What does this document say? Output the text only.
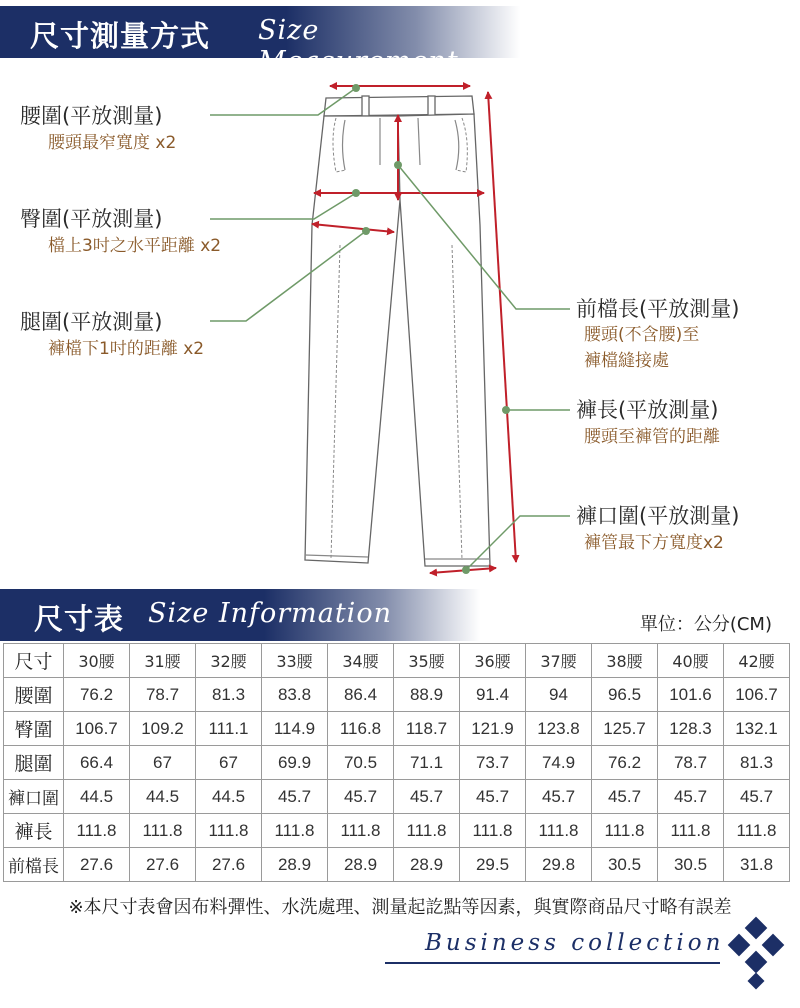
尺寸測量方式 Size Measurement
腰圍(平放測量)
腰頭最窄寬度 x2
臀圍(平放測量)
檔上3吋之水平距離 x2
腿圍(平放測量)
褲檔下1吋的距離 x2
前檔長(平放測量)
腰頭(不含腰)至
褲檔縫接處
褲長(平放測量)
腰頭至褲管的距離
褲口圍(平放測量)
褲管最下方寬度x2
尺寸表 Size Information	單位：公分(CM)
尺寸	30腰	31腰	32腰	33腰	34腰	35腰	36腰	37腰	38腰	40腰	42腰
腰圍	76.2	78.7	81.3	83.8	86.4	88.9	91.4	94	96.5	101.6	106.7
臀圍	106.7	109.2	111.1	114.9	116.8	118.7	121.9	123.8	125.7	128.3	132.1
腿圍	66.4	67	67	69.9	70.5	71.1	73.7	74.9	76.2	78.7	81.3
褲口圍	44.5	44.5	44.5	45.7	45.7	45.7	45.7	45.7	45.7	45.7	45.7
褲長	111.8	111.8	111.8	111.8	111.8	111.8	111.8	111.8	111.8	111.8	111.8
前檔長	27.6	27.6	27.6	28.9	28.9	28.9	29.5	29.8	30.5	30.5	31.8
※本尺寸表會因布料彈性、水洗處理、測量起訖點等因素，與實際商品尺寸略有誤差
Business collection
